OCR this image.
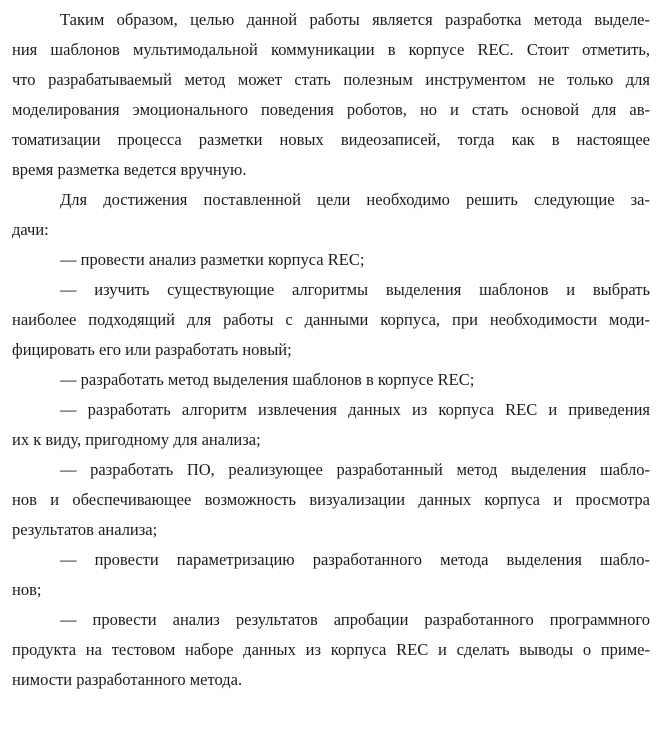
Таким образом, целью данной работы является разработка метода выделе-
ния шаблонов мультимодальной коммуникации в корпусе REC. Стоит отметить,
что разрабатываемый метод может стать полезным инструментом не только для
моделирования эмоционального поведения роботов, но и стать основой для ав-
томатизации процесса разметки новых видеозаписей, тогда как в настоящее
время разметка ведется вручную.
Для достижения поставленной цели необходимо решить следующие за-
дачи:
— провести анализ разметки корпуса REC;
— изучить существующие алгоритмы выделения шаблонов и выбрать
наиболее подходящий для работы с данными корпуса, при необходимости моди-
фицировать его или разработать новый;
— разработать метод выделения шаблонов в корпусе REC;
— разработать алгоритм извлечения данных из корпуса REC и приведения
их к виду, пригодному для анализа;
— разработать ПО, реализующее разработанный метод выделения шабло-
нов и обеспечивающее возможность визуализации данных корпуса и просмотра
результатов анализа;
— провести параметризацию разработанного метода выделения шабло-
нов;
— провести анализ результатов апробации разработанного программного
продукта на тестовом наборе данных из корпуса REC и сделать выводы о приме-
нимости разработанного метода.
